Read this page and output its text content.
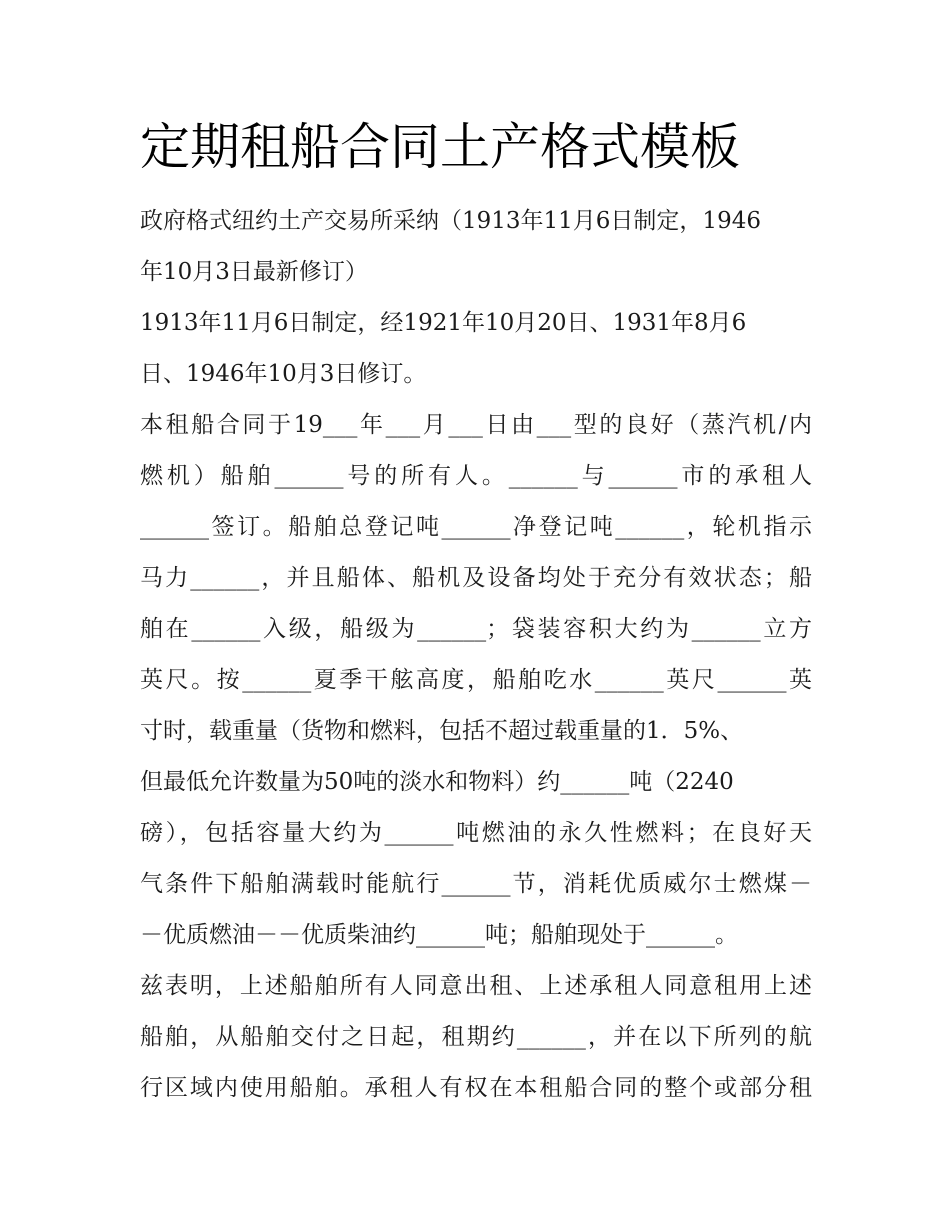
定期租船合同土产格式模板
政府格式纽约土产交易所采纳（1913年11月6日制定，1946
年10月3日最新修订）
1913年11月6日制定，经1921年10月20日、1931年8月6
日、1946年10月3日修订。
本租船合同于19___年___月___日由___型的良好（蒸汽机/内
燃机）船舶______号的所有人。______与______市的承租人
______签订。船舶总登记吨______净登记吨______，轮机指示
马力______，并且船体、船机及设备均处于充分有效状态；船
舶在______入级，船级为______；袋装容积大约为______立方
英尺。按______夏季干舷高度，船舶吃水______英尺______英
寸时，载重量（货物和燃料，包括不超过载重量的1．5%、
但最低允许数量为50吨的淡水和物料）约______吨（2240
磅），包括容量大约为______吨燃油的永久性燃料；在良好天
气条件下船舶满载时能航行______节，消耗优质威尔士燃煤－
－优质燃油－－优质柴油约______吨；船舶现处于______。
兹表明，上述船舶所有人同意出租、上述承租人同意租用上述
船舶，从船舶交付之日起，租期约______，并在以下所列的航
行区域内使用船舶。承租人有权在本租船合同的整个或部分租
